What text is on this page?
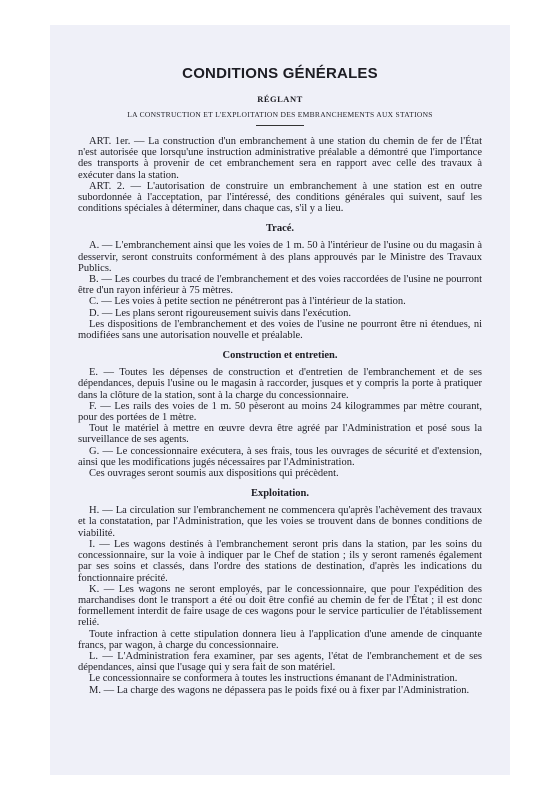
CONDITIONS GÉNÉRALES
RÉGLANT
LA CONSTRUCTION ET L'EXPLOITATION DES EMBRANCHEMENTS AUX STATIONS

ART. 1er. — La construction d'un embranchement à une station du chemin de fer de l'État n'est autorisée que lorsqu'une instruction administrative préalable a démontré que l'importance des transports à provenir de cet embranchement sera en rapport avec celle des travaux à exécuter dans la station.

ART. 2. — L'autorisation de construire un embranchement à une station est en outre subordonnée à l'acceptation, par l'intéressé, des conditions générales qui suivent, sauf les conditions spéciales à déterminer, dans chaque cas, s'il y a lieu.

Tracé.

A. — L'embranchement ainsi que les voies de 1 m. 50 à l'intérieur de l'usine ou du magasin à desservir, seront construits conformément à des plans approuvés par le Ministre des Travaux Publics.

B. — Les courbes du tracé de l'embranchement et des voies raccordées de l'usine ne pourront être d'un rayon inférieur à 75 mètres.

C. — Les voies à petite section ne pénétreront pas à l'intérieur de la station.

D. — Les plans seront rigoureusement suivis dans l'exécution.

Les dispositions de l'embranchement et des voies de l'usine ne pourront être ni étendues, ni modifiées sans une autorisation nouvelle et préalable.

Construction et entretien.

E. — Toutes les dépenses de construction et d'entretien de l'embranchement et de ses dépendances, depuis l'usine ou le magasin à raccorder, jusques et y compris la porte à pratiquer dans la clôture de la station, sont à la charge du concessionnaire.

F. — Les rails des voies de 1 m. 50 pèseront au moins 24 kilogrammes par mètre courant, pour des portées de 1 mètre.

Tout le matériel à mettre en œuvre devra être agréé par l'Administration et posé sous la surveillance de ses agents.

G. — Le concessionnaire exécutera, à ses frais, tous les ouvrages de sécurité et d'extension, ainsi que les modifications jugés nécessaires par l'Administration.

Ces ouvrages seront soumis aux dispositions qui précèdent.

Exploitation.

H. — La circulation sur l'embranchement ne commencera qu'après l'achèvement des travaux et la constatation, par l'Administration, que les voies se trouvent dans de bonnes conditions de viabilité.

I. — Les wagons destinés à l'embranchement seront pris dans la station, par les soins du concessionnaire, sur la voie à indiquer par le Chef de station ; ils y seront ramenés également par ses soins et classés, dans l'ordre des stations de destination, d'après les indications du fonctionnaire précité.

K. — Les wagons ne seront employés, par le concessionnaire, que pour l'expédition des marchandises dont le transport a été ou doit être confié au chemin de fer de l'État ; il est donc formellement interdit de faire usage de ces wagons pour le service particulier de l'établissement relié.

Toute infraction à cette stipulation donnera lieu à l'application d'une amende de cinquante francs, par wagon, à charge du concessionnaire.

L. — L'Administration fera examiner, par ses agents, l'état de l'embranchement et de ses dépendances, ainsi que l'usage qui y sera fait de son matériel.

Le concessionnaire se conformera à toutes les instructions émanant de l'Administration.

M. — La charge des wagons ne dépassera pas le poids fixé ou à fixer par l'Administration.
